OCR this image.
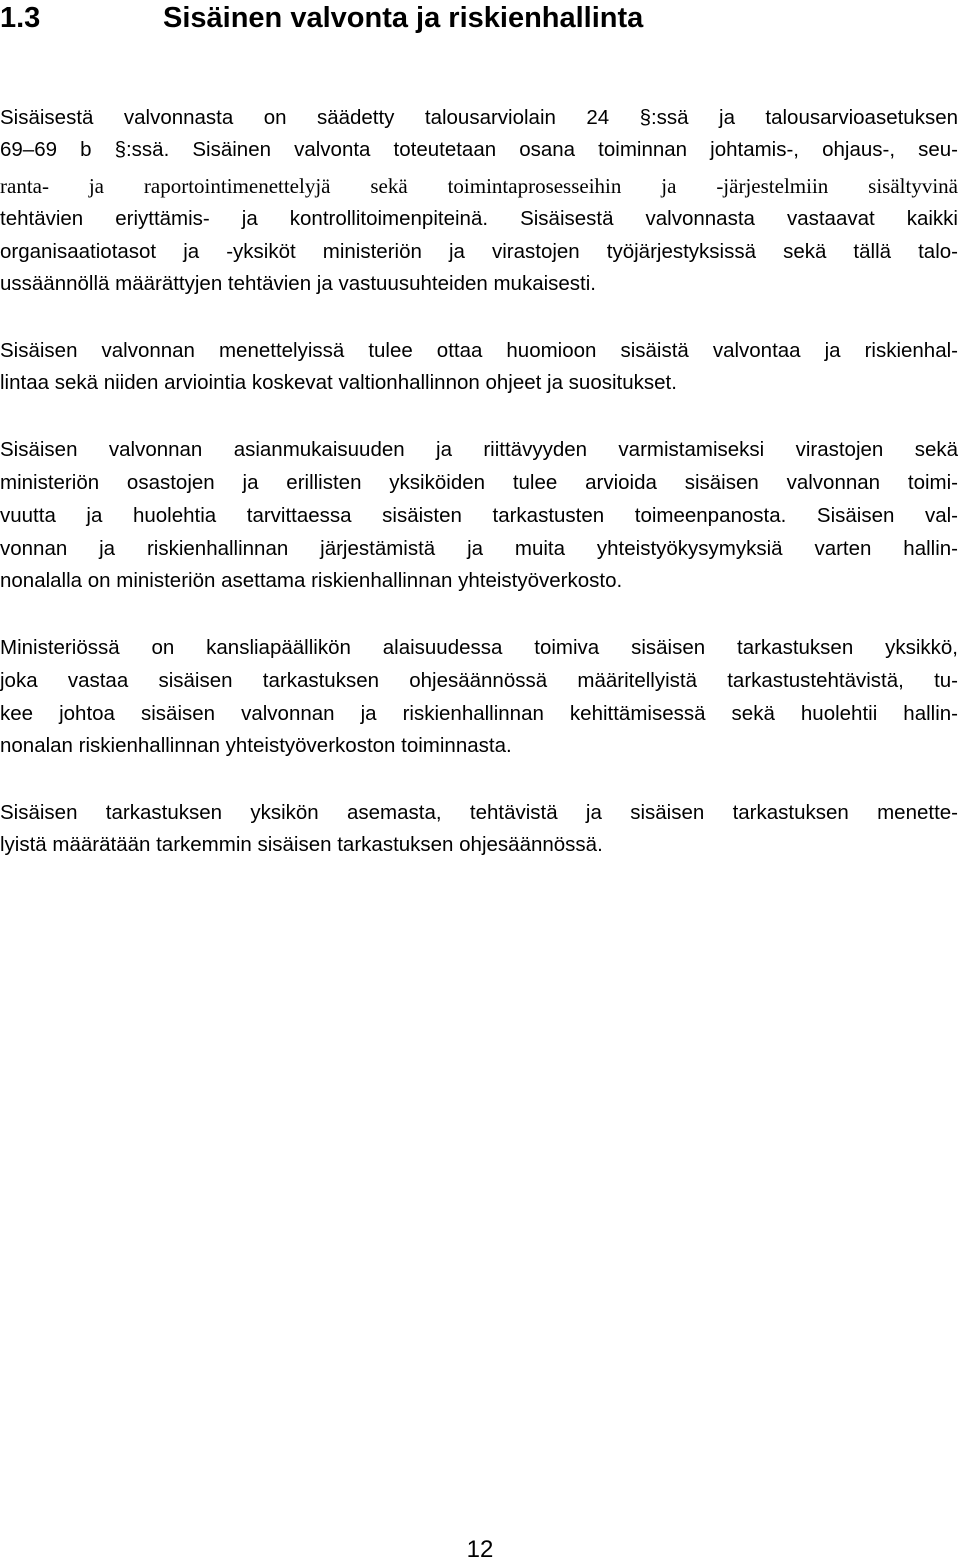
1.3	Sisäinen valvonta ja riskienhallinta
Sisäisestä valvonnasta on säädetty talousarviolain 24 §:ssä ja talousarvioasetuksen
69–69 b §:ssä. Sisäinen valvonta toteutetaan osana toiminnan johtamis-, ohjaus-, seu-
ranta- ja raportointimenettelyjä sekä toimintaprosesseihin ja -järjestelmiin sisältyvinä
tehtävien eriyttämis- ja kontrollitoimenpiteinä. Sisäisestä valvonnasta vastaavat kaikki
organisaatiotasot ja -yksiköt ministeriön ja virastojen työjärjestyksissä sekä tällä talo-
ussäännöllä määrättyjen tehtävien ja vastuusuhteiden mukaisesti.
Sisäisen valvonnan menettelyissä tulee ottaa huomioon sisäistä valvontaa ja riskienhal-
lintaa sekä niiden arviointia koskevat valtionhallinnon ohjeet ja suositukset.
Sisäisen valvonnan asianmukaisuuden ja riittävyyden varmistamiseksi virastojen sekä
ministeriön osastojen ja erillisten yksiköiden tulee arvioida sisäisen valvonnan toimi-
vuutta ja huolehtia tarvittaessa sisäisten tarkastusten toimeenpanosta. Sisäisen val-
vonnan ja riskienhallinnan järjestämistä ja muita yhteistyökysymyksiä varten hallin-
nonalalla on ministeriön asettama riskienhallinnan yhteistyöverkosto.
Ministeriössä on kansliapäällikön alaisuudessa toimiva sisäisen tarkastuksen yksikkö,
joka vastaa sisäisen tarkastuksen ohjesäännössä määritellyistä tarkastustehtävistä, tu-
kee johtoa sisäisen valvonnan ja riskienhallinnan kehittämisessä sekä huolehtii hallin-
nonalan riskienhallinnan yhteistyöverkoston toiminnasta.
Sisäisen tarkastuksen yksikön asemasta, tehtävistä ja sisäisen tarkastuksen menette-
lyistä määrätään tarkemmin sisäisen tarkastuksen ohjesäännössä.
12
